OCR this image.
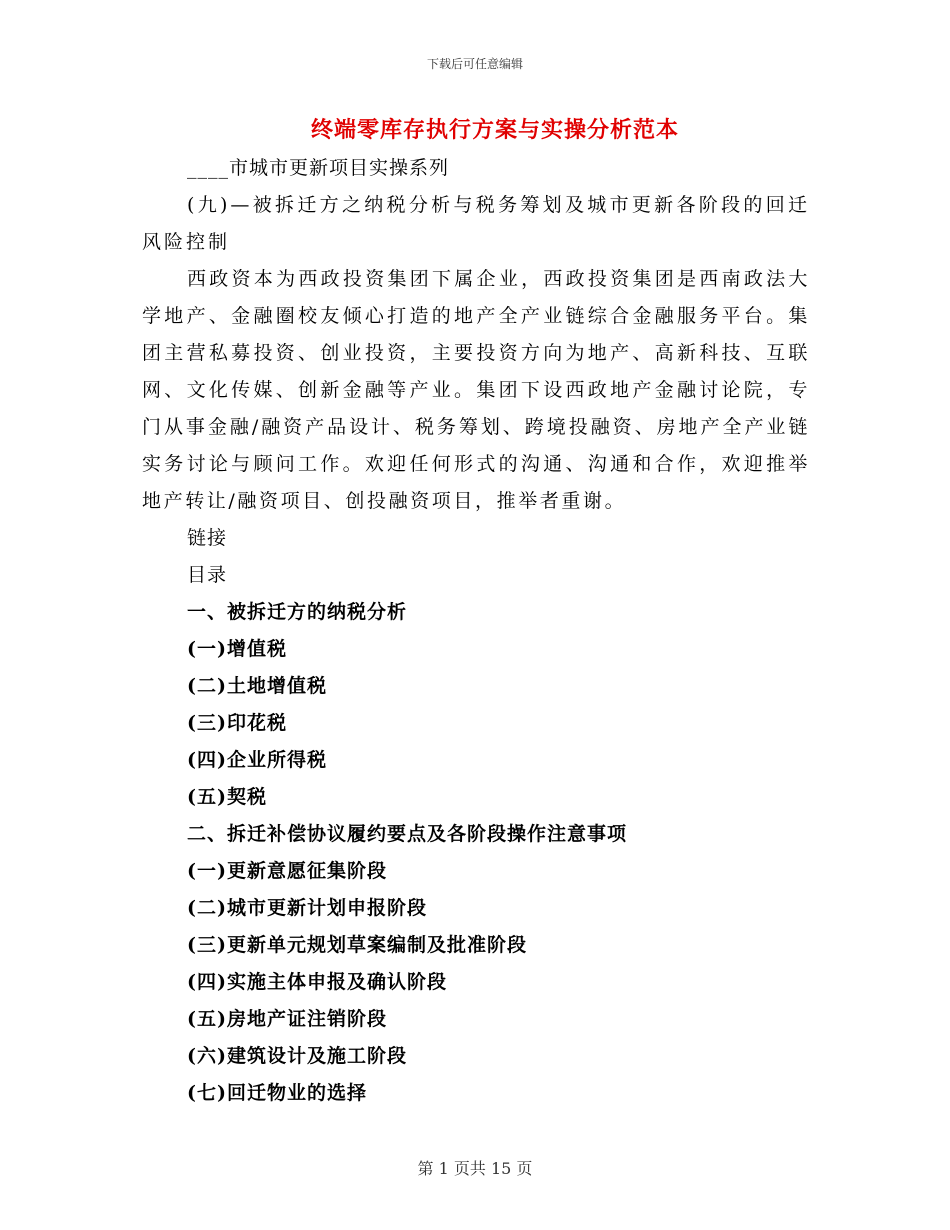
下载后可任意编辑
终端零库存执行方案与实操分析范本
____市城市更新项目实操系列

(九)—被拆迁方之纳税分析与税务筹划及城市更新各阶段的回迁风险控制

西政资本为西政投资集团下属企业，西政投资集团是西南政法大学地产、金融圈校友倾心打造的地产全产业链综合金融服务平台。集团主营私募投资、创业投资，主要投资方向为地产、高新科技、互联网、文化传媒、创新金融等产业。集团下设西政地产金融讨论院，专门从事金融/融资产品设计、税务筹划、跨境投融资、房地产全产业链实务讨论与顾问工作。欢迎任何形式的沟通、沟通和合作，欢迎推举地产转让/融资项目、创投融资项目，推举者重谢。

链接
目录
一、被拆迁方的纳税分析
(一)增值税
(二)土地增值税
(三)印花税
(四)企业所得税
(五)契税
二、拆迁补偿协议履约要点及各阶段操作注意事项
(一)更新意愿征集阶段
(二)城市更新计划申报阶段
(三)更新单元规划草案编制及批准阶段
(四)实施主体申报及确认阶段
(五)房地产证注销阶段
(六)建筑设计及施工阶段
(七)回迁物业的选择
第 1 页共 15 页
